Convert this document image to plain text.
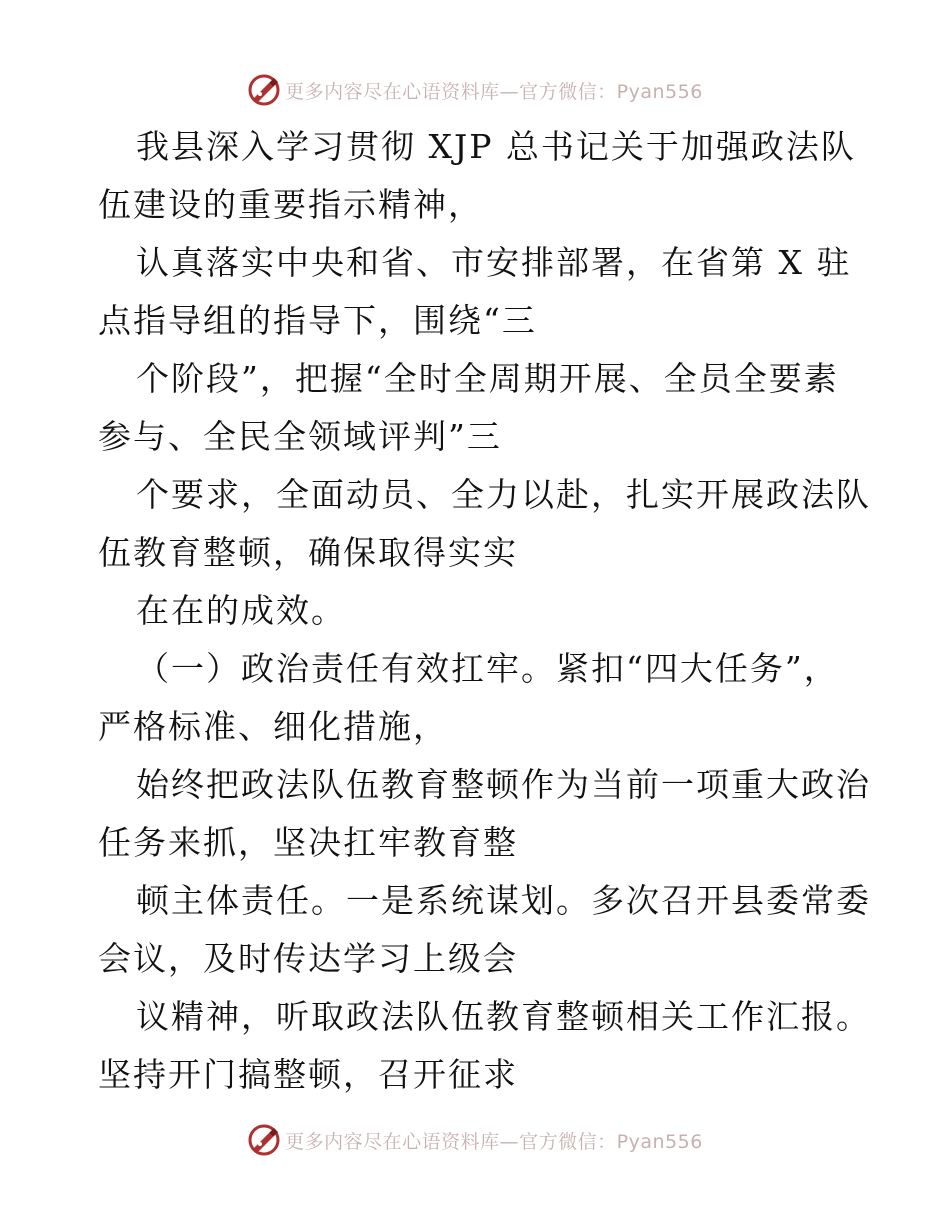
更多内容尽在心语资料库—官方微信：Pyan556
我县深入学习贯彻 XJP 总书记关于加强政法队
伍建设的重要指示精神，
认真落实中央和省、市安排部署，在省第 X 驻
点指导组的指导下，围绕“三
个阶段”，把握“全时全周期开展、全员全要素
参与、全民全领域评判”三
个要求，全面动员、全力以赴，扎实开展政法队
伍教育整顿，确保取得实实
在在的成效。
（一）政治责任有效扛牢。紧扣“四大任务”，
严格标准、细化措施，
始终把政法队伍教育整顿作为当前一项重大政治
任务来抓，坚决扛牢教育整
顿主体责任。一是系统谋划。多次召开县委常委
会议，及时传达学习上级会
议精神，听取政法队伍教育整顿相关工作汇报。
坚持开门搞整顿，召开征求
更多内容尽在心语资料库—官方微信：Pyan556
